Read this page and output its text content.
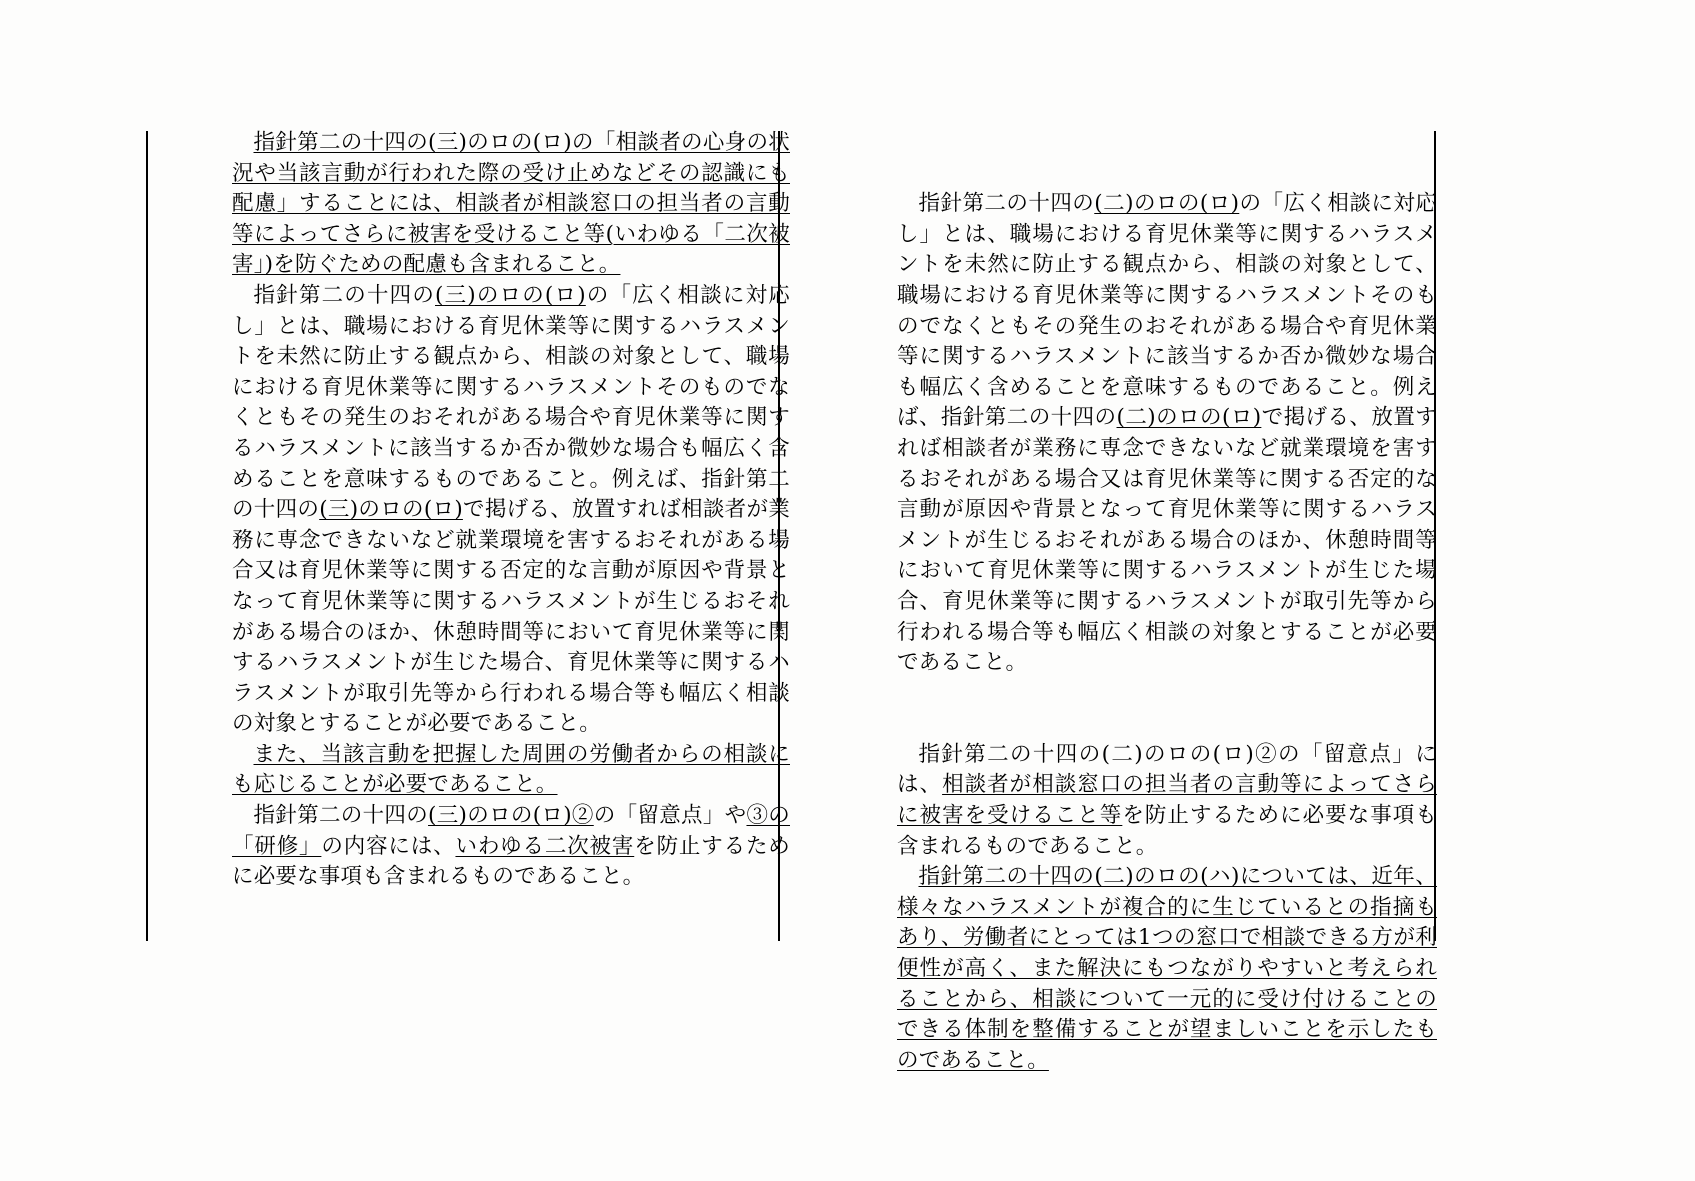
指針第二の十四の(三)のロの(ロ)の「相談者の心身の状況や当該言動が行われた際の受け止めなどその認識にも配慮」することには、相談者が相談窓口の担当者の言動等によってさらに被害を受けること等(いわゆる「二次被害」)を防ぐための配慮も含まれること。

指針第二の十四の(三)のロの(ロ)の「広く相談に対応し」とは、職場における育児休業等に関するハラスメントを未然に防止する観点から、相談の対象として、職場における育児休業等に関するハラスメントそのものでなくともその発生のおそれがある場合や育児休業等に関するハラスメントに該当するか否か微妙な場合も幅広く含めることを意味するものであること。例えば、指針第二の十四の(三)のロの(ロ)で掲げる、放置すれば相談者が業務に専念できないなど就業環境を害するおそれがある場合又は育児休業等に関する否定的な言動が原因や背景となって育児休業等に関するハラスメントが生じるおそれがある場合のほか、休憩時間等において育児休業等に関するハラスメントが生じた場合、育児休業等に関するハラスメントが取引先等から行われる場合等も幅広く相談の対象とすることが必要であること。

また、当該言動を把握した周囲の労働者からの相談にも応じることが必要であること。

指針第二の十四の(三)のロの(ロ)②の「留意点」や③の「研修」の内容には、いわゆる二次被害を防止するために必要な事項も含まれるものであること。

指針第二の十四の(二)のロの(ロ)の「広く相談に対応し」とは、職場における育児休業等に関するハラスメントを未然に防止する観点から、相談の対象として、職場における育児休業等に関するハラスメントそのものでなくともその発生のおそれがある場合や育児休業等に関するハラスメントに該当するか否か微妙な場合も幅広く含めることを意味するものであること。例えば、指針第二の十四の(二)のロの(ロ)で掲げる、放置すれば相談者が業務に専念できないなど就業環境を害するおそれがある場合又は育児休業等に関する否定的な言動が原因や背景となって育児休業等に関するハラスメントが生じるおそれがある場合のほか、休憩時間等において育児休業等に関するハラスメントが生じた場合、育児休業等に関するハラスメントが取引先等から行われる場合等も幅広く相談の対象とすることが必要であること。

指針第二の十四の(二)のロの(ロ)②の「留意点」には、相談者が相談窓口の担当者の言動等によってさらに被害を受けること等を防止するために必要な事項も含まれるものであること。

指針第二の十四の(二)のロの(ハ)については、近年、様々なハラスメントが複合的に生じているとの指摘もあり、労働者にとっては1つの窓口で相談できる方が利便性が高く、また解決にもつながりやすいと考えられることから、相談について一元的に受け付けることのできる体制を整備することが望ましいことを示したものであること。
